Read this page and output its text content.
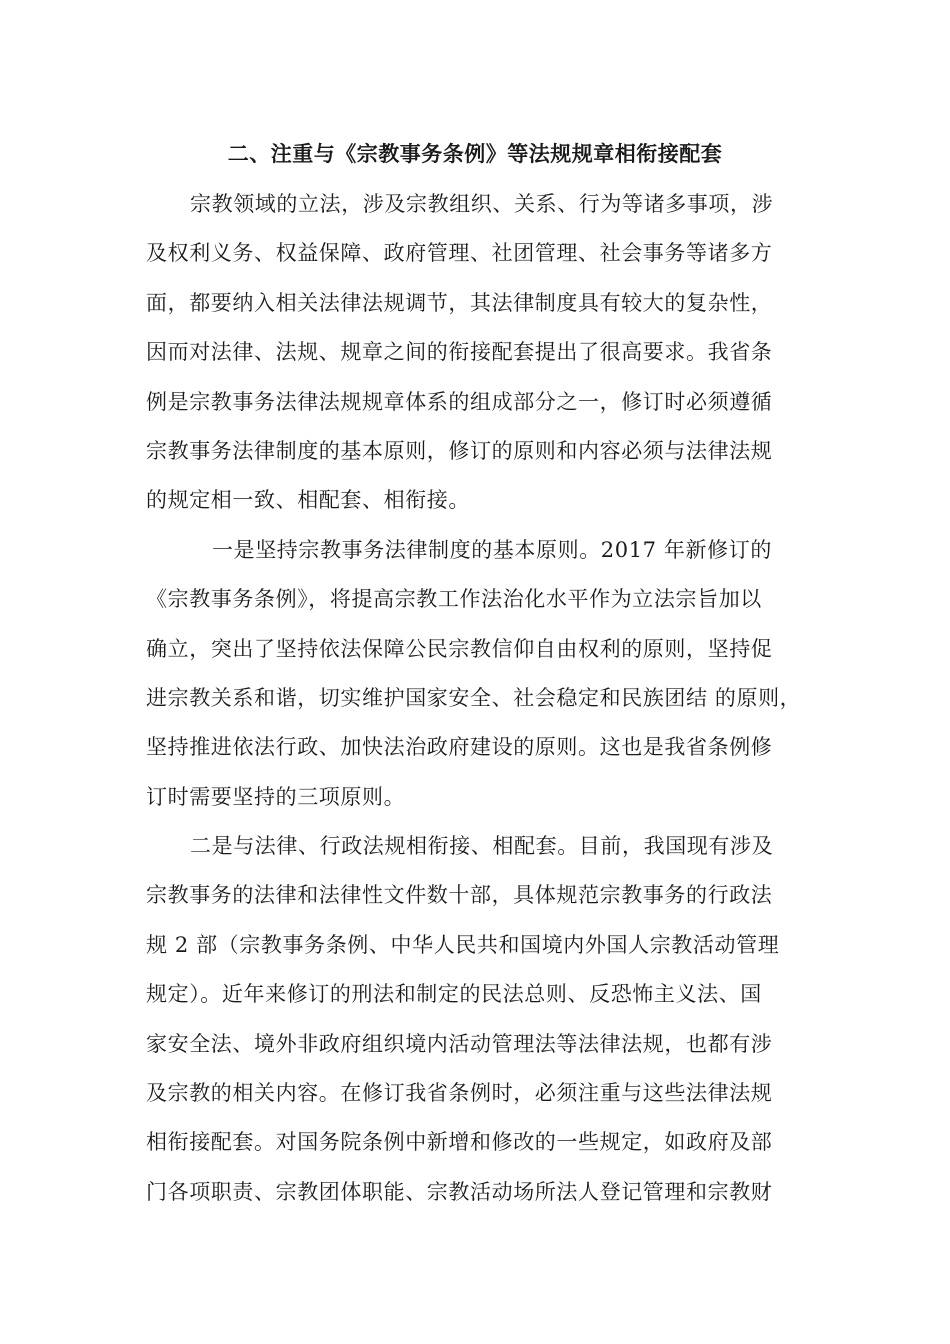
二、注重与《宗教事务条例》等法规规章相衔接配套
宗教领域的立法，涉及宗教组织、关系、行为等诸多事项，涉
及权利义务、权益保障、政府管理、社团管理、社会事务等诸多方
面，都要纳入相关法律法规调节，其法律制度具有较大的复杂性，
因而对法律、法规、规章之间的衔接配套提出了很高要求。我省条
例是宗教事务法律法规规章体系的组成部分之一，修订时必须遵循
宗教事务法律制度的基本原则，修订的原则和内容必须与法律法规
的规定相一致、相配套、相衔接。
一是坚持宗教事务法律制度的基本原则。2017 年新修订的
《宗教事务条例》，将提高宗教工作法治化水平作为立法宗旨加以
确立，突出了坚持依法保障公民宗教信仰自由权利的原则，坚持促
进宗教关系和谐，切实维护国家安全、社会稳定和民族团结 的原则，
坚持推进依法行政、加快法治政府建设的原则。这也是我省条例修
订时需要坚持的三项原则。
二是与法律、行政法规相衔接、相配套。目前，我国现有涉及
宗教事务的法律和法律性文件数十部，具体规范宗教事务的行政法
规 2 部（宗教事务条例、中华人民共和国境内外国人宗教活动管理
规定）。近年来修订的刑法和制定的民法总则、反恐怖主义法、国
家安全法、境外非政府组织境内活动管理法等法律法规，也都有涉
及宗教的相关内容。在修订我省条例时，必须注重与这些法律法规
相衔接配套。对国务院条例中新增和修改的一些规定，如政府及部
门各项职责、宗教团体职能、宗教活动场所法人登记管理和宗教财
